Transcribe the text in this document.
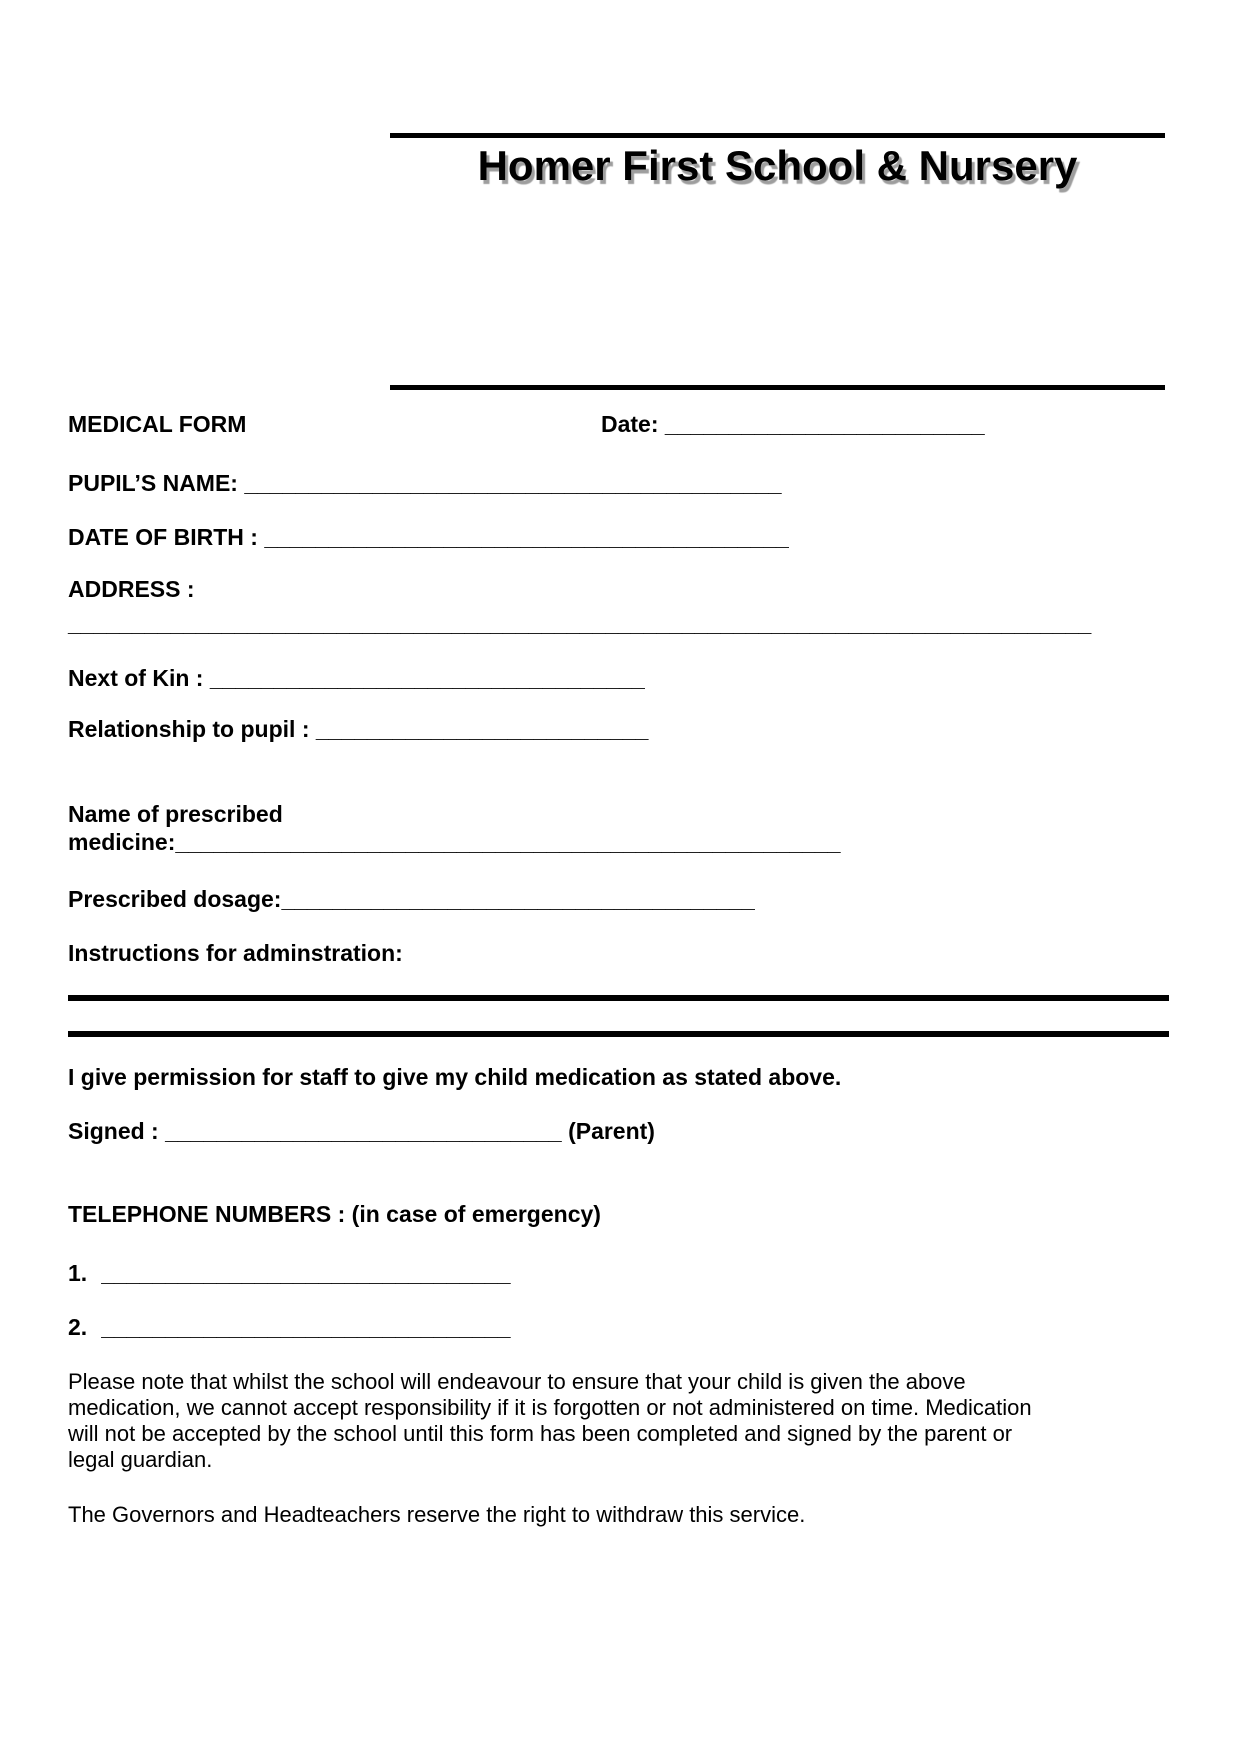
Homer First School & Nursery
MEDICAL FORM	Date: _________________________
PUPIL’S NAME: __________________________________________
DATE OF BIRTH : _________________________________________
ADDRESS :
________________________________________________________________________________
Next of Kin : __________________________________
Relationship to pupil : __________________________
Name of prescribed
medicine:____________________________________________________
Prescribed dosage:_____________________________________
Instructions for adminstration:
I give permission for staff to give my child medication as stated above.
Signed : _______________________________ (Parent)
TELEPHONE NUMBERS : (in case of emergency)
1. ________________________________
2. ________________________________
Please note that whilst the school will endeavour to ensure that your child is given the above medication, we cannot accept responsibility if it is forgotten or not administered on time. Medication will not be accepted by the school until this form has been completed and signed by the parent or legal guardian.
The Governors and Headteachers reserve the right to withdraw this service.
